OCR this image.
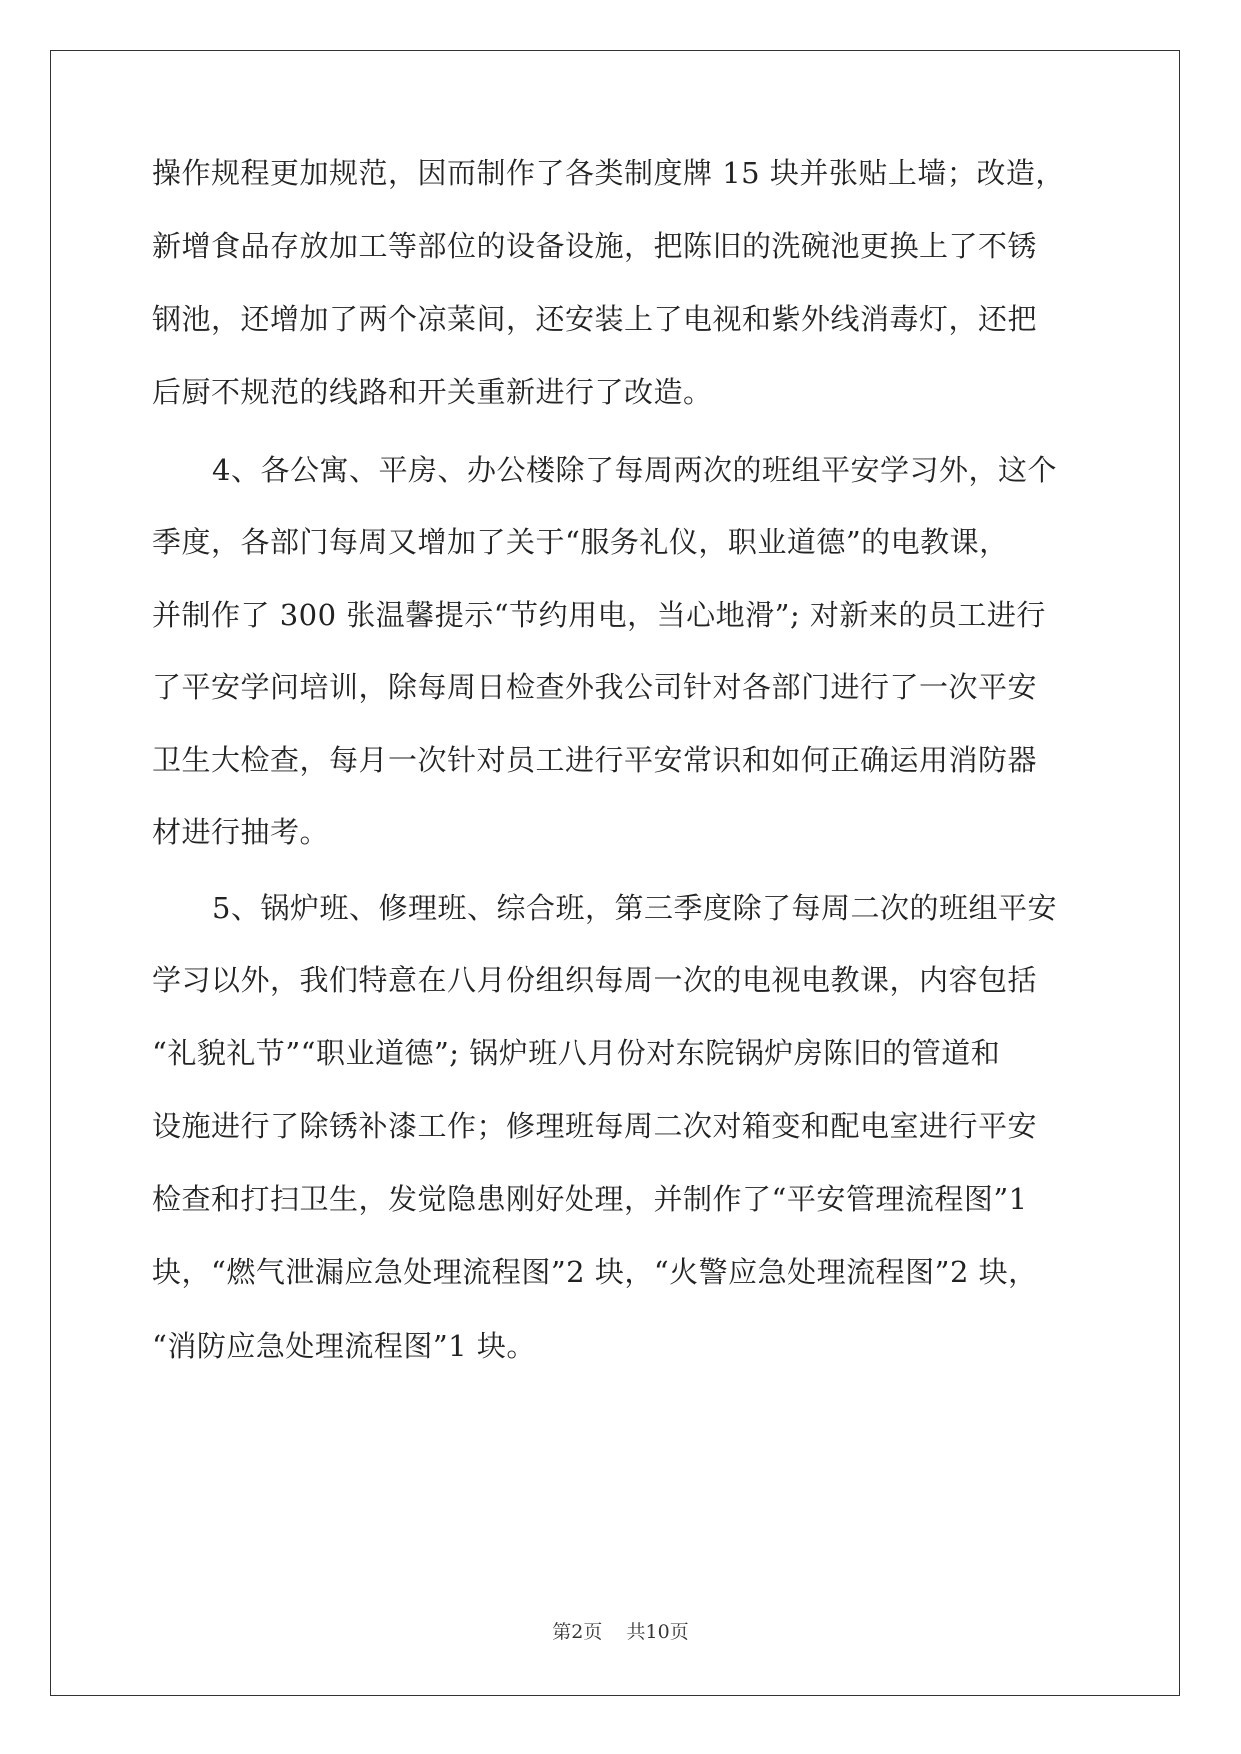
操作规程更加规范，因而制作了各类制度牌 15 块并张贴上墙；改造，
新增食品存放加工等部位的设备设施，把陈旧的洗碗池更换上了不锈
钢池，还增加了两个凉菜间，还安装上了电视和紫外线消毒灯，还把
后厨不规范的线路和开关重新进行了改造。
4、各公寓、平房、办公楼除了每周两次的班组平安学习外，这个
季度，各部门每周又增加了关于“服务礼仪，职业道德”的电教课，
并制作了 300 张温馨提示“节约用电，当心地滑”; 对新来的员工进行
了平安学问培训，除每周日检查外我公司针对各部门进行了一次平安
卫生大检查，每月一次针对员工进行平安常识和如何正确运用消防器
材进行抽考。
5、锅炉班、修理班、综合班，第三季度除了每周二次的班组平安
学习以外，我们特意在八月份组织每周一次的电视电教课，内容包括
“礼貌礼节”“职业道德”; 锅炉班八月份对东院锅炉房陈旧的管道和
设施进行了除锈补漆工作；修理班每周二次对箱变和配电室进行平安
检查和打扫卫生，发觉隐患刚好处理，并制作了“平安管理流程图”1
块，“燃气泄漏应急处理流程图”2 块，“火警应急处理流程图”2 块，
“消防应急处理流程图”1 块。
第2页    共10页
